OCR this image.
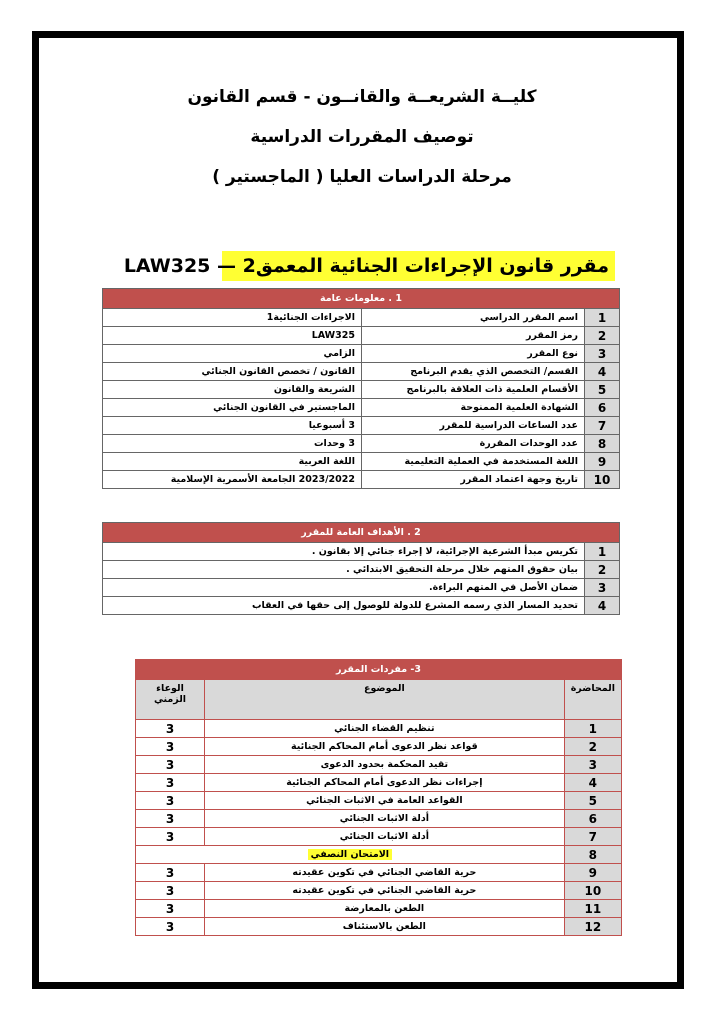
كليــة الشريعــة والقانــون - قسم القانون
توصيف المقررات الدراسية
مرحلة الدراسات العليا ( الماجستير )
مقرر قانون الإجراءات الجنائية المعمق2 — LAW325
1 . معلومات عامة		
1	اسم المقرر الدراسي	الاجراءات الجنائية1
2	رمز المقرر	LAW325
3	نوع المقرر	الزامي
4	القسم/ التخصص الذي يقدم البرنامج	القانون / تخصص القانون الجنائي
5	الأقسام العلمية ذات العلاقة بالبرنامج	الشريعة والقانون
6	الشهادة العلمية الممنوحة	الماجستير في القانون الجنائي
7	عدد الساعات الدراسية للمقرر	3 أسبوعيا
8	عدد الوحدات المقررة	3 وحدات
9	اللغة المستخدمة في العملية التعليمية	اللغة العربية
10	تاريخ وجهة اعتماد المقرر	2023/2022 الجامعة الأسمرية الإسلامية
2 . الأهداف العامة للمقرر	
1	تكريس مبدأ الشرعية الإجرائية، لا إجراء جنائي إلا بقانون .
2	بيان حقوق المتهم خلال مرحلة التحقيق الابتدائي .
3	ضمان الأصل في المتهم البراءة.
4	تحديد المسار الذي رسمه المشرع للدولة للوصول إلى حقها في العقاب
3- مفردات المقرر		
المحاضرة	الموضوع	الوعاء الزمني
1	تنظيم القضاء الجنائي	3
2	قواعد نظر الدعوى أمام المحاكم الجنائية	3
3	تقيد المحكمة بحدود الدعوى	3
4	إجراءات نظر الدعوى أمام المحاكم الجنائية	3
5	القواعد العامة في الاثبات الجنائي	3
6	أدلة الاثبات الجنائي	3
7	أدلة الاثبات الجنائي	3
8	الامتحان النصفي	
9	حرية القاضي الجنائي في تكوين عقيدته	3
10	حرية القاضي الجنائي في تكوين عقيدته	3
11	الطعن بالمعارضة	3
12	الطعن بالاستئناف	3
